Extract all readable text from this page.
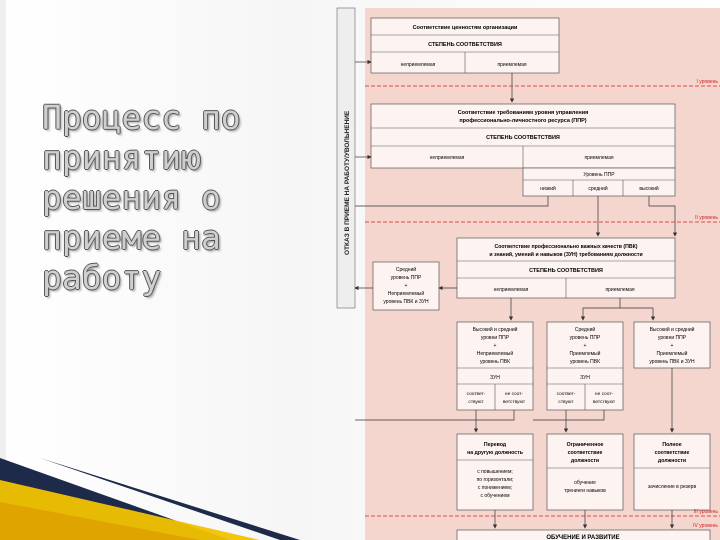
Процесс по принятию решения о приеме на работу
ОТКАЗ В ПРИЕМЕ НА РАБОТУ/УВОЛЬНЕНИЕ
Соответствие ценностям организации
СТЕПЕНЬ СООТВЕТСТВИЯ
неприемлемая	приемлемая
I уровень
Соответствие требованиям уровня управления
профессионально-личностного ресурса (ППР)
СТЕПЕНЬ СООТВЕТСТВИЯ
неприемлемая	приемлемая
Уровень ППР
низкий	средний	высокий
II уровень
Соответствие профессионально важных качеств (ПВК)
и знаний, умений и навыков (ЗУН) требованиям должности
СТЕПЕНЬ СООТВЕТСТВИЯ
неприемлемая	приемлемая
Средний
уровень ППР
+
Неприемлемый
уровень ПВК и ЗУН
Высокий и средний
уровни ППР
+
Неприемлемый
уровень ПВК
ЗУН
соответ-
ствуют
не соот-
ветствуют
Средний
уровень ППР
+
Приемлемый
уровень ПВК
ЗУН
соответ-
ствуют
не соот-
ветствуют
Высокий и средний
уровни ППР
+
Приемлемый
уровень ПВК и ЗУН
Перевод
на другую должность
с повышением;
по горизонтали;
с понижением;
с обучением
Ограниченное
соответствие
должности
обучение
тренинги навыков
Полное
соответствие
должности
зачисление в резерв
III уровень
IV уровень
ОБУЧЕНИЕ И РАЗВИТИЕ
